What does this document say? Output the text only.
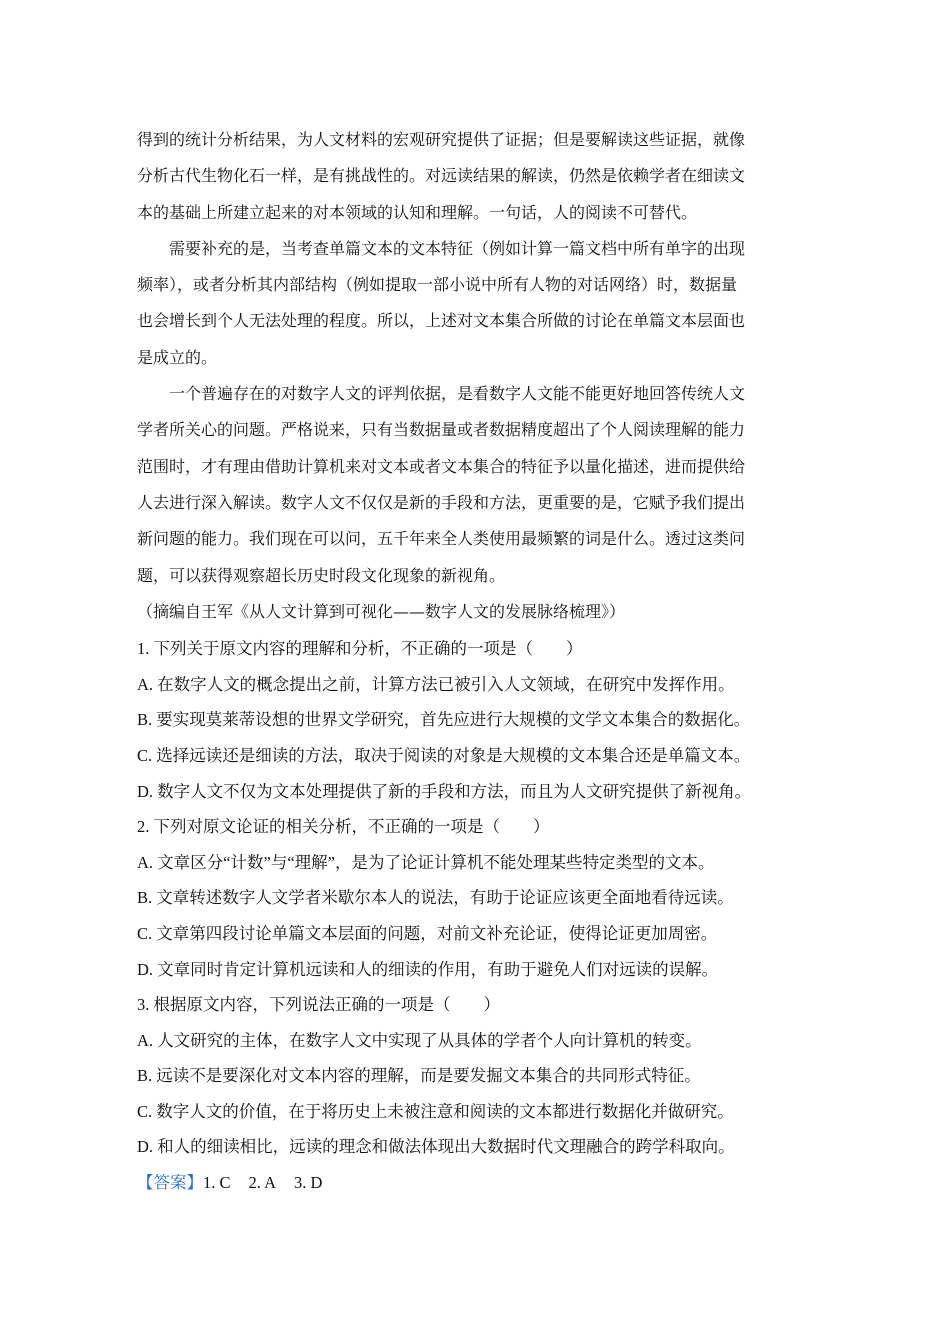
得到的统计分析结果，为人文材料的宏观研究提供了证据；但是要解读这些证据，就像
分析古代生物化石一样，是有挑战性的。对远读结果的解读，仍然是依赖学者在细读文
本的基础上所建立起来的对本领域的认知和理解。一句话，人的阅读不可替代。

需要补充的是，当考查单篇文本的文本特征（例如计算一篇文档中所有单字的出现
频率），或者分析其内部结构（例如提取一部小说中所有人物的对话网络）时，数据量
也会增长到个人无法处理的程度。所以，上述对文本集合所做的讨论在单篇文本层面也
是成立的。

一个普遍存在的对数字人文的评判依据，是看数字人文能不能更好地回答传统人文
学者所关心的问题。严格说来，只有当数据量或者数据精度超出了个人阅读理解的能力
范围时，才有理由借助计算机来对文本或者文本集合的特征予以量化描述，进而提供给
人去进行深入解读。数字人文不仅仅是新的手段和方法，更重要的是，它赋予我们提出
新问题的能力。我们现在可以问，五千年来全人类使用最频繁的词是什么。透过这类问
题，可以获得观察超长历史时段文化现象的新视角。

（摘编自王军《从人文计算到可视化——数字人文的发展脉络梳理》）

1. 下列关于原文内容的理解和分析，不正确的一项是（　　）

A. 在数字人文的概念提出之前，计算方法已被引入人文领域，在研究中发挥作用。

B. 要实现莫莱蒂设想的世界文学研究，首先应进行大规模的文学文本集合的数据化。

C. 选择远读还是细读的方法，取决于阅读的对象是大规模的文本集合还是单篇文本。

D. 数字人文不仅为文本处理提供了新的手段和方法，而且为人文研究提供了新视角。

2. 下列对原文论证的相关分析，不正确的一项是（　　）

A. 文章区分“计数”与“理解”，是为了论证计算机不能处理某些特定类型的文本。

B. 文章转述数字人文学者米歇尔本人的说法，有助于论证应该更全面地看待远读。

C. 文章第四段讨论单篇文本层面的问题，对前文补充论证，使得论证更加周密。

D. 文章同时肯定计算机远读和人的细读的作用，有助于避免人们对远读的误解。

3. 根据原文内容，下列说法正确的一项是（　　）

A. 人文研究的主体，在数字人文中实现了从具体的学者个人向计算机的转变。

B. 远读不是要深化对文本内容的理解，而是要发掘文本集合的共同形式特征。

C. 数字人文的价值，在于将历史上未被注意和阅读的文本都进行数据化并做研究。

D. 和人的细读相比，远读的理念和做法体现出大数据时代文理融合的跨学科取向。

【答案】1. C 2. A 3. D
